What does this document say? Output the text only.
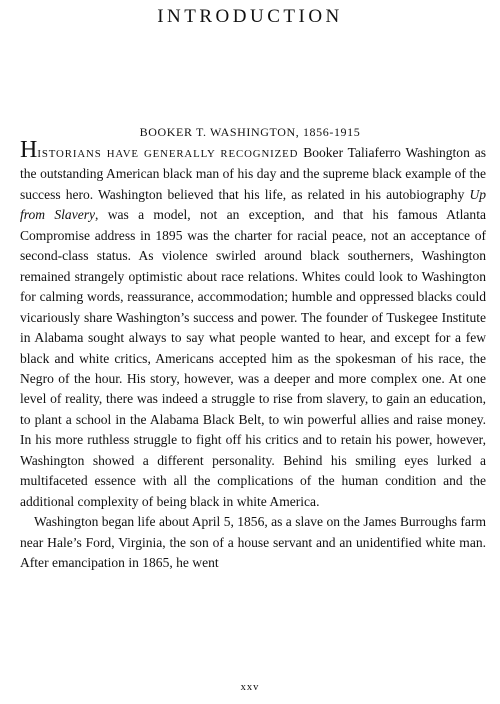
INTRODUCTION
BOOKER T. WASHINGTON, 1856-1915

HISTORIANS HAVE GENERALLY RECOGNIZED Booker Taliaferro Washington as the outstanding American black man of his day and the supreme black example of the success hero. Washington believed that his life, as related in his autobiography Up from Slavery, was a model, not an exception, and that his famous Atlanta Compromise address in 1895 was the charter for racial peace, not an acceptance of second-class status. As violence swirled around black southerners, Washington remained strangely optimistic about race relations. Whites could look to Washington for calming words, reassurance, accommodation; humble and oppressed blacks could vicariously share Washington’s success and power. The founder of Tuskegee Institute in Alabama sought always to say what people wanted to hear, and except for a few black and white critics, Americans accepted him as the spokesman of his race, the Negro of the hour. His story, however, was a deeper and more complex one. At one level of reality, there was indeed a struggle to rise from slavery, to gain an education, to plant a school in the Alabama Black Belt, to win powerful allies and raise money. In his more ruthless struggle to fight off his critics and to retain his power, however, Washington showed a different personality. Behind his smiling eyes lurked a multifaceted essence with all the complications of the human condition and the additional complexity of being black in white America.

Washington began life about April 5, 1856, as a slave on the James Burroughs farm near Hale’s Ford, Virginia, the son of a house servant and an unidentified white man. After emancipation in 1865, he went

xxv
